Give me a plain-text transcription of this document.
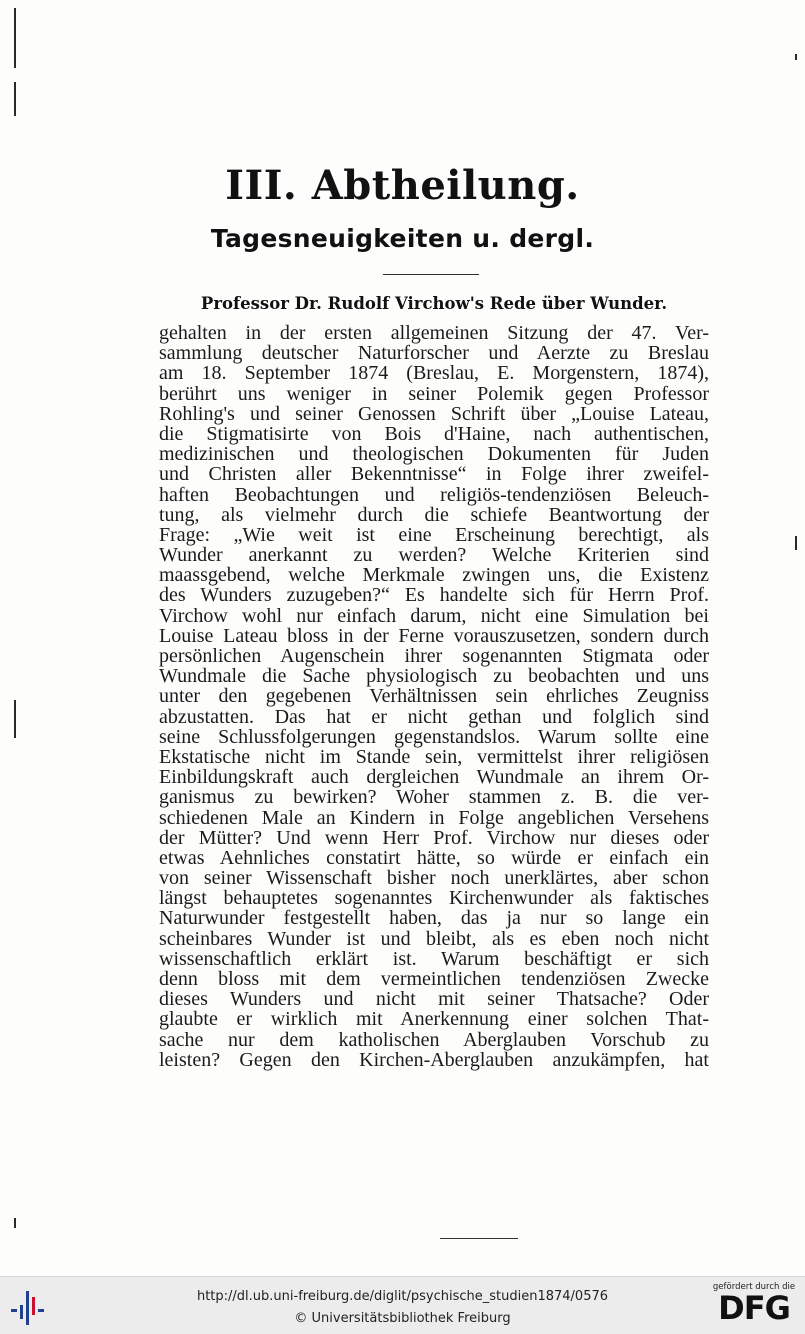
III. Abtheilung.
Tagesneuigkeiten u. dergl.
Professor Dr. Rudolf Virchow's Rede über Wunder.
gehalten in der ersten allgemeinen Sitzung der 47. Ver-
sammlung deutscher Naturforscher und Aerzte zu Breslau
am 18. September 1874 (Breslau, E. Morgenstern, 1874),
berührt uns weniger in seiner Polemik gegen Professor
Rohling's und seiner Genossen Schrift über „Louise Lateau,
die Stigmatisirte von Bois d'Haine, nach authentischen,
medizinischen und theologischen Dokumenten für Juden
und Christen aller Bekenntnisse“ in Folge ihrer zweifel-
haften Beobachtungen und religiös-tendenziösen Beleuch-
tung, als vielmehr durch die schiefe Beantwortung der
Frage: „Wie weit ist eine Erscheinung berechtigt, als
Wunder anerkannt zu werden? Welche Kriterien sind
maassgebend, welche Merkmale zwingen uns, die Existenz
des Wunders zuzugeben?“ Es handelte sich für Herrn Prof.
Virchow wohl nur einfach darum, nicht eine Simulation bei
Louise Lateau bloss in der Ferne vorauszusetzen, sondern durch
persönlichen Augenschein ihrer sogenannten Stigmata oder
Wundmale die Sache physiologisch zu beobachten und uns
unter den gegebenen Verhältnissen sein ehrliches Zeugniss
abzustatten. Das hat er nicht gethan und folglich sind
seine Schlussfolgerungen gegenstandslos. Warum sollte eine
Ekstatische nicht im Stande sein, vermittelst ihrer religiösen
Einbildungskraft auch dergleichen Wundmale an ihrem Or-
ganismus zu bewirken? Woher stammen z. B. die ver-
schiedenen Male an Kindern in Folge angeblichen Versehens
der Mütter? Und wenn Herr Prof. Virchow nur dieses oder
etwas Aehnliches constatirt hätte, so würde er einfach ein
von seiner Wissenschaft bisher noch unerklärtes, aber schon
längst behauptetes sogenanntes Kirchenwunder als faktisches
Naturwunder festgestellt haben, das ja nur so lange ein
scheinbares Wunder ist und bleibt, als es eben noch nicht
wissenschaftlich erklärt ist. Warum beschäftigt er sich
denn bloss mit dem vermeintlichen tendenziösen Zwecke
dieses Wunders und nicht mit seiner Thatsache? Oder
glaubte er wirklich mit Anerkennung einer solchen That-
sache nur dem katholischen Aberglauben Vorschub zu
leisten? Gegen den Kirchen-Aberglauben anzukämpfen, hat
http://dl.ub.uni-freiburg.de/diglit/psychische_studien1874/0576
© Universitätsbibliothek Freiburg
gefördert durch die
DFG
